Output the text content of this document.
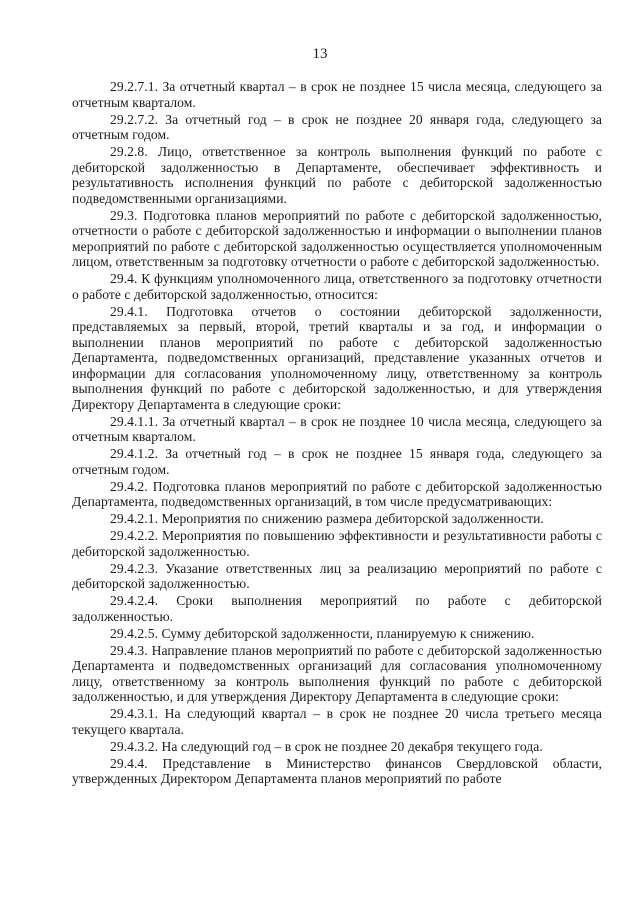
13

29.2.7.1. За отчетный квартал – в срок не позднее 15 числа месяца, следующего за отчетным кварталом.

29.2.7.2. За отчетный год – в срок не позднее 20 января года, следующего за отчетным годом.

29.2.8. Лицо, ответственное за контроль выполнения функций по работе с дебиторской задолженностью в Департаменте, обеспечивает эффективность и результативность исполнения функций по работе с дебиторской задолженностью подведомственными организациями.

29.3. Подготовка планов мероприятий по работе с дебиторской задолженностью, отчетности о работе с дебиторской задолженностью и информации о выполнении планов мероприятий по работе с дебиторской задолженностью осуществляется уполномоченным лицом, ответственным за подготовку отчетности о работе с дебиторской задолженностью.

29.4. К функциям уполномоченного лица, ответственного за подготовку отчетности о работе с дебиторской задолженностью, относится:

29.4.1. Подготовка отчетов о состоянии дебиторской задолженности, представляемых за первый, второй, третий кварталы и за год, и информации о выполнении планов мероприятий по работе с дебиторской задолженностью Департамента, подведомственных организаций, представление указанных отчетов и информации для согласования уполномоченному лицу, ответственному за контроль выполнения функций по работе с дебиторской задолженностью, и для утверждения Директору Департамента в следующие сроки:

29.4.1.1. За отчетный квартал – в срок не позднее 10 числа месяца, следующего за отчетным кварталом.

29.4.1.2. За отчетный год – в срок не позднее 15 января года, следующего за отчетным годом.

29.4.2. Подготовка планов мероприятий по работе с дебиторской задолженностью Департамента, подведомственных организаций, в том числе предусматривающих:

29.4.2.1. Мероприятия по снижению размера дебиторской задолженности.

29.4.2.2. Мероприятия по повышению эффективности и результативности работы с дебиторской задолженностью.

29.4.2.3. Указание ответственных лиц за реализацию мероприятий по работе с дебиторской задолженностью.

29.4.2.4. Сроки выполнения мероприятий по работе с дебиторской задолженностью.

29.4.2.5. Сумму дебиторской задолженности, планируемую к снижению.

29.4.3. Направление планов мероприятий по работе с дебиторской задолженностью Департамента и подведомственных организаций для согласования уполномоченному лицу, ответственному за контроль выполнения функций по работе с дебиторской задолженностью, и для утверждения Директору Департамента в следующие сроки:

29.4.3.1. На следующий квартал – в срок не позднее 20 числа третьего месяца текущего квартала.

29.4.3.2. На следующий год – в срок не позднее 20 декабря текущего года.

29.4.4. Представление в Министерство финансов Свердловской области, утвержденных Директором Департамента планов мероприятий по работе
